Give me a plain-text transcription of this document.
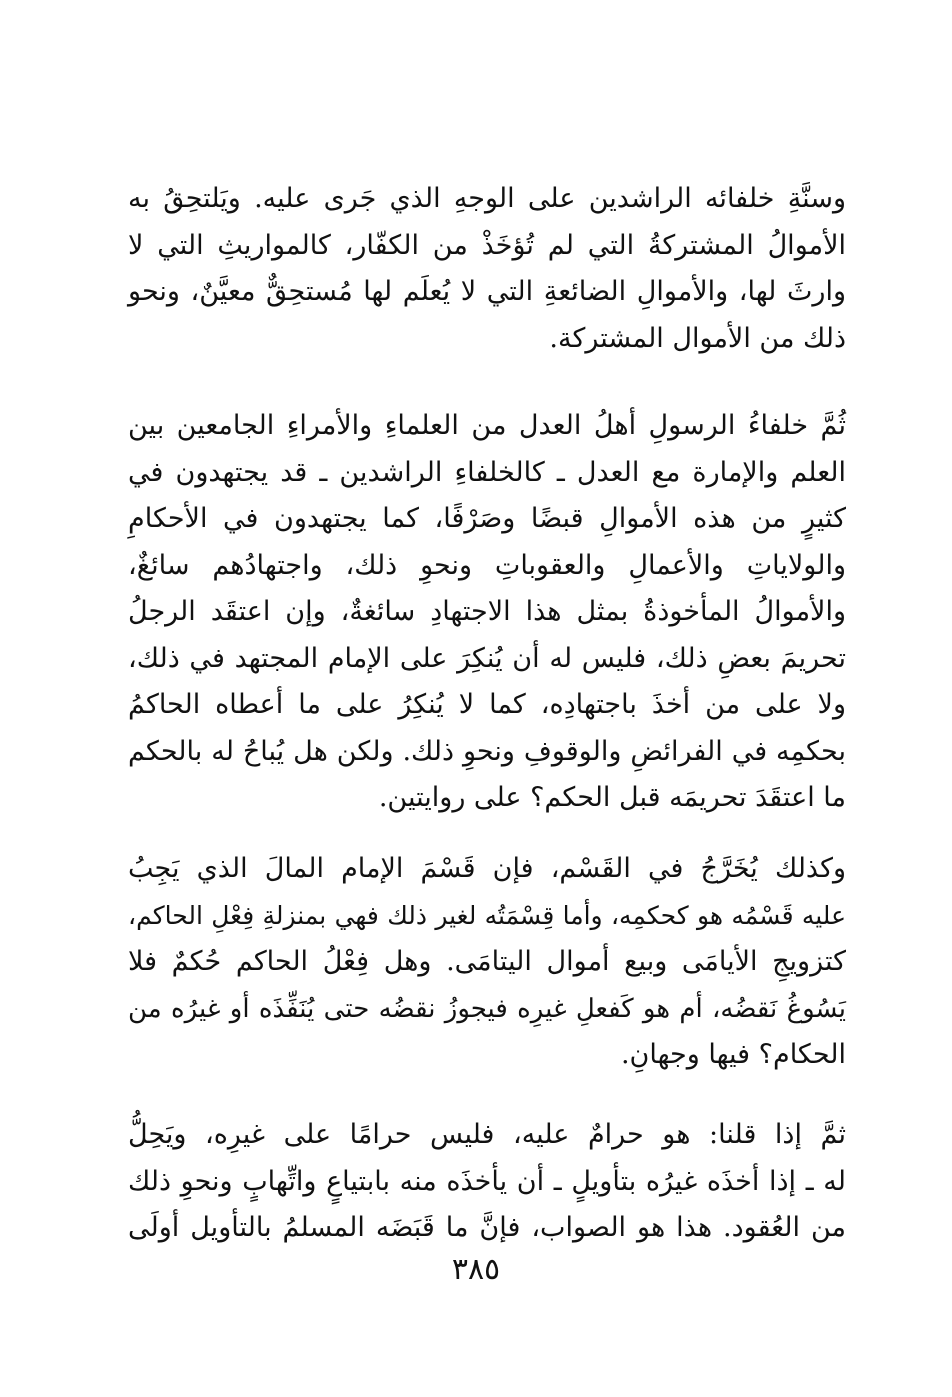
وسنَّةِ خلفائه الراشدين على الوجهِ الذي جَرى عليه. ويَلتحِقُ به
الأموالُ المشتركةُ التي لم تُؤخَذْ من الكفّار، كالمواريثِ التي لا
وارثَ لها، والأموالِ الضائعةِ التي لا يُعلَم لها مُستحِقٌّ معيَّنٌ، ونحو
ذلك من الأموال المشتركة.
ثُمَّ خلفاءُ الرسولِ أهلُ العدل من العلماءِ والأمراءِ الجامعين بين
العلم والإمارة مع العدل ـ كالخلفاءِ الراشدين ـ قد يجتهدون في
كثيرٍ من هذه الأموالِ قبضًا وصَرْفًا، كما يجتهدون في الأحكامِ
والولاياتِ والأعمالِ والعقوباتِ ونحوِ ذلك، واجتهادُهم سائغٌ،
والأموالُ المأخوذةُ بمثل هذا الاجتهادِ سائغةٌ، وإن اعتقَد الرجلُ
تحريمَ بعضِ ذلك، فليس له أن يُنكِرَ على الإمام المجتهد في ذلك،
ولا على من أخذَ باجتهادِه، كما لا يُنكِرُ على ما أعطاه الحاكمُ
بحكمِه في الفرائضِ والوقوفِ ونحوِ ذلك. ولكن هل يُباحُ له بالحكم
ما اعتقَدَ تحريمَه قبل الحكم؟ على روايتين.
وكذلك يُخَرَّجُ في القَسْم، فإن قَسْمَ الإمام المالَ الذي يَجِبُ
عليه قَسْمُه هو كحكمِه، وأما قِسْمَتُه لغير ذلك فهي بمنزلةِ فِعْلِ الحاكم،
كتزويجِ الأيامَى وبيع أموال اليتامَى. وهل فِعْلُ الحاكم حُكمٌ فلا
يَسُوغُ نَقضُه، أم هو كَفعلِ غيرِه فيجوزُ نقضُه حتى يُنَفِّذَه أو غيرُه من
الحكام؟ فيها وجهانِ.
ثمَّ إذا قلنا: هو حرامٌ عليه، فليس حرامًا على غيرِه، ويَحِلُّ
له ـ إذا أخذَه غيرُه بتأويلٍ ـ أن يأخذَه منه بابتياعٍ واتِّهابٍ ونحوِ ذلك
من العُقود. هذا هو الصواب، فإنَّ ما قَبَضَه المسلمُ بالتأويل أولَى
٣٨٥
